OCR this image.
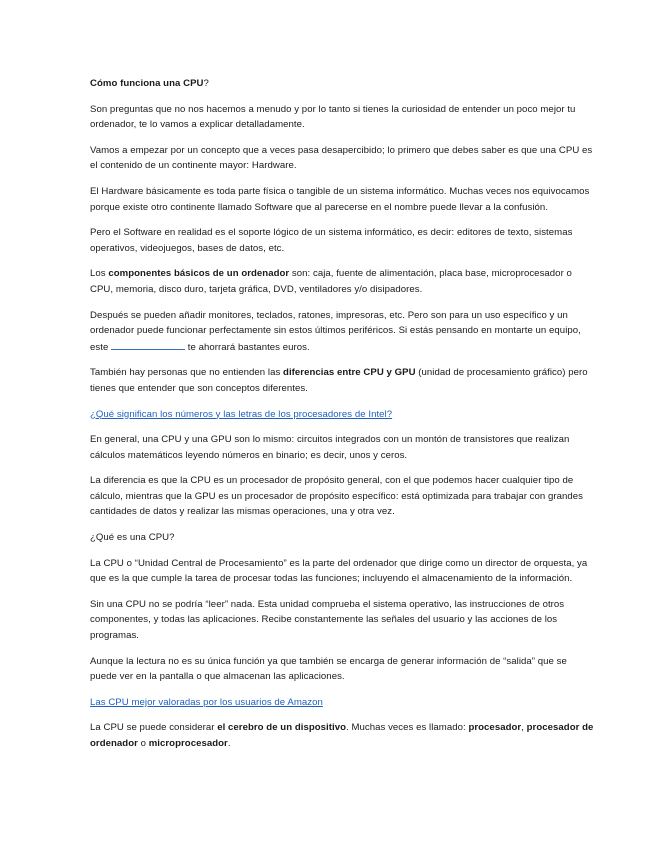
Cómo funciona una CPU?

Son preguntas que no nos hacemos a menudo y por lo tanto si tienes la curiosidad de entender un poco mejor tu ordenador, te lo vamos a explicar detalladamente.

Vamos a empezar por un concepto que a veces pasa desapercibido; lo primero que debes saber es que una CPU es el contenido de un continente mayor: Hardware.

El Hardware básicamente es toda parte física o tangible de un sistema informático. Muchas veces nos equivocamos porque existe otro continente llamado Software que al parecerse en el nombre puede llevar a la confusión.

Pero el Software en realidad es el soporte lógico de un sistema informático, es decir: editores de texto, sistemas operativos, videojuegos, bases de datos, etc.

Los componentes básicos de un ordenador son: caja, fuente de alimentación, placa base, microprocesador o CPU, memoria, disco duro, tarjeta gráfica, DVD, ventiladores y/o disipadores.

Después se pueden añadir monitores, teclados, ratones, impresoras, etc. Pero son para un uso específico y un ordenador puede funcionar perfectamente sin estos últimos periféricos. Si estás pensando en montarte un equipo, este	te ahorrará bastantes euros.

También hay personas que no entienden las diferencias entre CPU y GPU (unidad de procesamiento gráfico) pero tienes que entender que son conceptos diferentes.

¿Qué significan los números y las letras de los procesadores de Intel?

En general, una CPU y una GPU son lo mismo: circuitos integrados con un montón de transistores que realizan cálculos matemáticos leyendo números en binario; es decir, unos y ceros.

La diferencia es que la CPU es un procesador de propósito general, con el que podemos hacer cualquier tipo de cálculo, mientras que la GPU es un procesador de propósito específico: está optimizada para trabajar con grandes cantidades de datos y realizar las mismas operaciones, una y otra vez.

¿Qué es una CPU?

La CPU o “Unidad Central de Procesamiento” es la parte del ordenador que dirige como un director de orquesta, ya que es la que cumple la tarea de procesar todas las funciones; incluyendo el almacenamiento de la información.

Sin una CPU no se podría “leer” nada. Esta unidad comprueba el sistema operativo, las instrucciones de otros componentes, y todas las aplicaciones. Recibe constantemente las señales del usuario y las acciones de los programas.

Aunque la lectura no es su única función ya que también se encarga de generar información de “salida” que se puede ver en la pantalla o que almacenan las aplicaciones.

Las CPU mejor valoradas por los usuarios de Amazon

La CPU se puede considerar el cerebro de un dispositivo. Muchas veces es llamado: procesador, procesador de ordenador o microprocesador.
